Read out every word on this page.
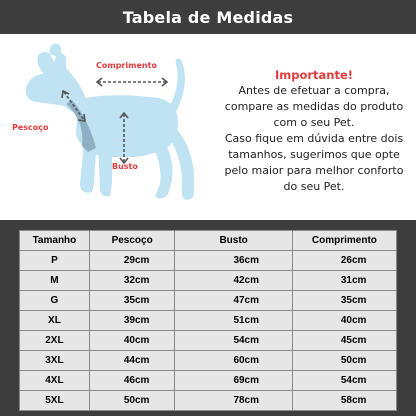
Tabela de Medidas
Comprimento
Pescoço
Busto

Importante!

Antes de efetuar a compra,

compare as medidas do produto

com o seu Pet.

Caso fique em dúvida entre dois

tamanhos, sugerimos que opte

pelo maior para melhor conforto

do seu Pet.

Tamanho	Pescoço	Busto	Comprimento
P	29cm	36cm	26cm
M	32cm	42cm	31cm
G	35cm	47cm	35cm
XL	39cm	51cm	40cm
2XL	40cm	54cm	45cm
3XL	44cm	60cm	50cm
4XL	46cm	69cm	54cm
5XL	50cm	78cm	58cm
